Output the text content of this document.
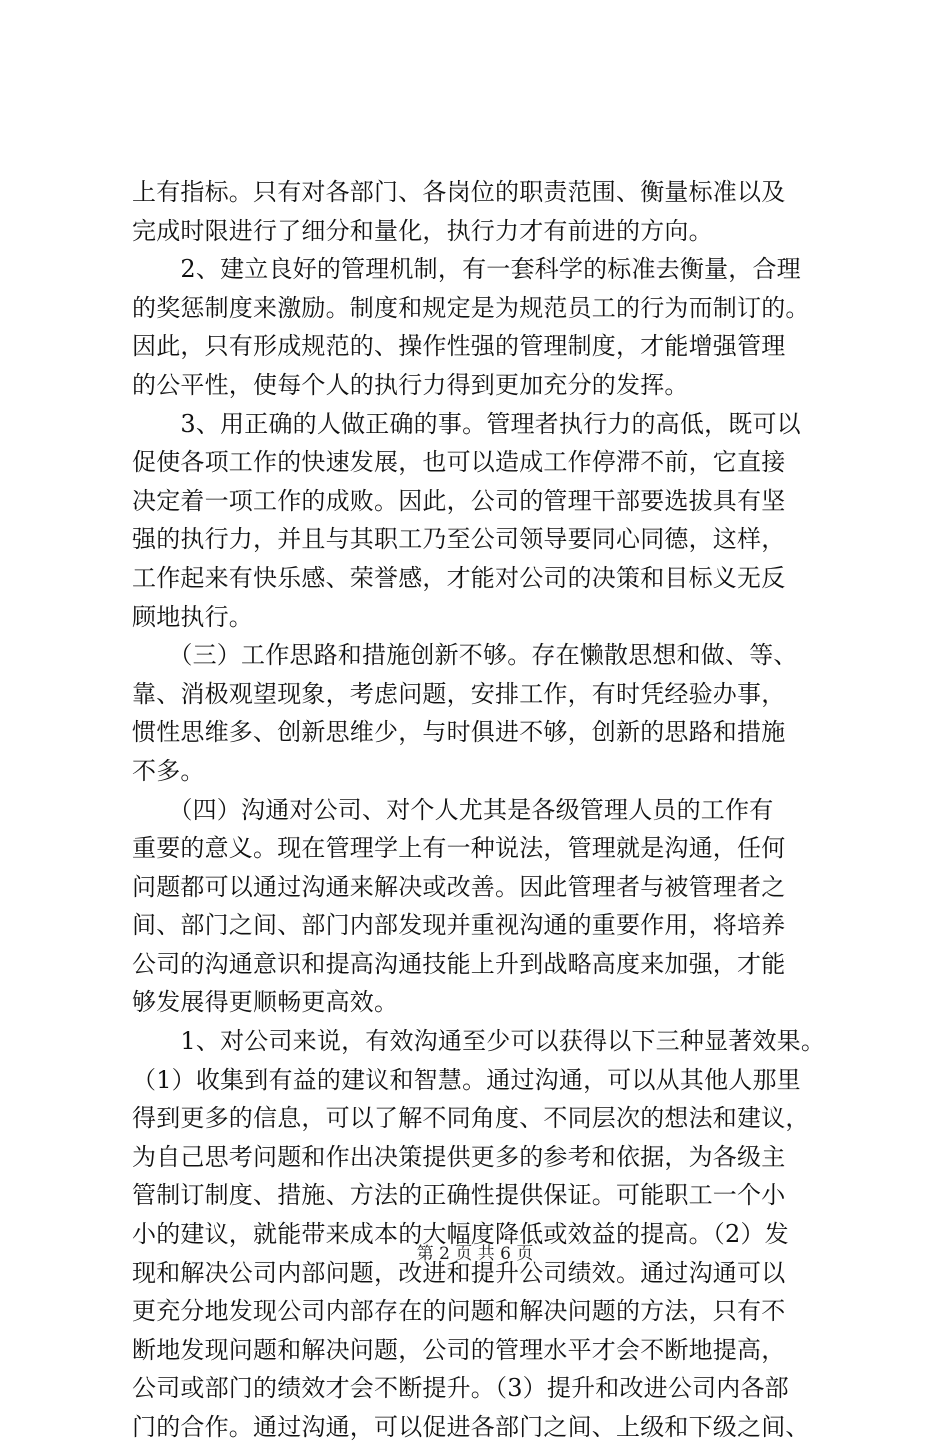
上有指标。只有对各部门、各岗位的职责范围、衡量标准以及
完成时限进行了细分和量化，执行力才有前进的方向。
　　2、建立良好的管理机制，有一套科学的标准去衡量，合理
的奖惩制度来激励。制度和规定是为规范员工的行为而制订的。
因此，只有形成规范的、操作性强的管理制度，才能增强管理
的公平性，使每个人的执行力得到更加充分的发挥。
　　3、用正确的人做正确的事。管理者执行力的高低，既可以
促使各项工作的快速发展，也可以造成工作停滞不前，它直接
决定着一项工作的成败。因此，公司的管理干部要选拔具有坚
强的执行力，并且与其职工乃至公司领导要同心同德，这样，
工作起来有快乐感、荣誉感，才能对公司的决策和目标义无反
顾地执行。
　　（三）工作思路和措施创新不够。存在懒散思想和做、等、
靠、消极观望现象，考虑问题，安排工作，有时凭经验办事，
惯性思维多、创新思维少，与时俱进不够，创新的思路和措施
不多。
　　（四）沟通对公司、对个人尤其是各级管理人员的工作有
重要的意义。现在管理学上有一种说法，管理就是沟通，任何
问题都可以通过沟通来解决或改善。因此管理者与被管理者之
间、部门之间、部门内部发现并重视沟通的重要作用，将培养
公司的沟通意识和提高沟通技能上升到战略高度来加强，才能
够发展得更顺畅更高效。
　　1、对公司来说，有效沟通至少可以获得以下三种显著效果。
（1）收集到有益的建议和智慧。通过沟通，可以从其他人那里
得到更多的信息，可以了解不同角度、不同层次的想法和建议，
为自己思考问题和作出决策提供更多的参考和依据，为各级主
管制订制度、措施、方法的正确性提供保证。可能职工一个小
小的建议，就能带来成本的大幅度降低或效益的提高。（2）发
现和解决公司内部问题，改进和提升公司绩效。通过沟通可以
更充分地发现公司内部存在的问题和解决问题的方法，只有不
断地发现问题和解决问题，公司的管理水平才会不断地提高，
公司或部门的绩效才会不断提升。（3）提升和改进公司内各部
门的合作。通过沟通，可以促进各部门之间、上级和下级之间、
第 2 页 共 6 页
